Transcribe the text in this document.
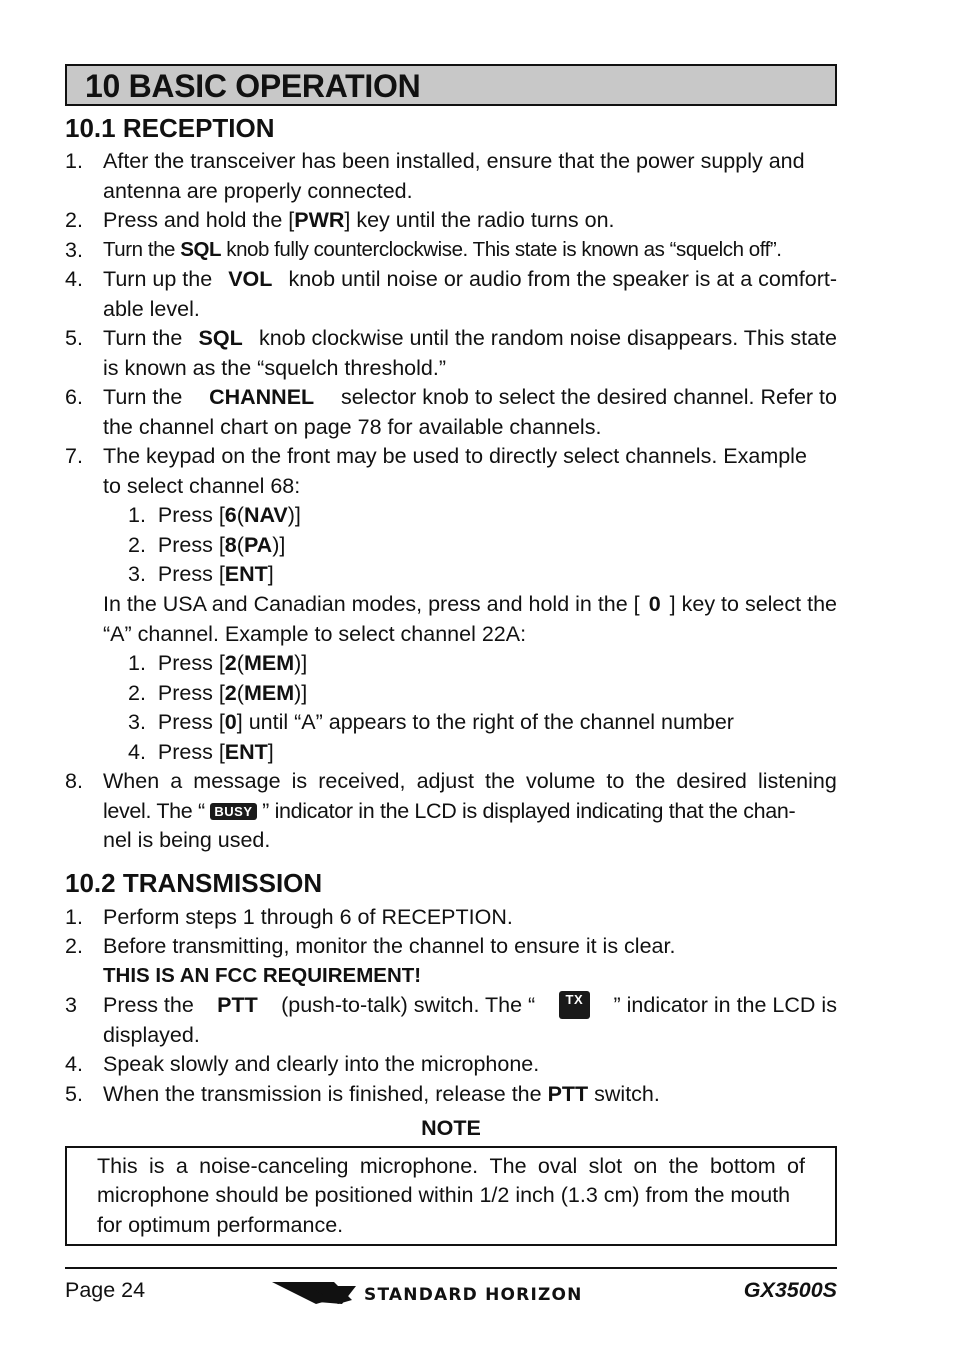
10 BASIC OPERATION
10.1 RECEPTION
1. After the transceiver has been installed, ensure that the power supply and
antenna are properly connected.
2. Press and hold the [PWR] key until the radio turns on.
3. Turn the SQL knob fully counterclockwise. This state is known as “squelch off”.
4. Turn up the VOL knob until noise or audio from the speaker is at a comfort-
able level.
5. Turn the SQL knob clockwise until the random noise disappears. This state
is known as the “squelch threshold.”
6. Turn the CHANNEL selector knob to select the desired channel. Refer to
the channel chart on page 78 for available channels.
7. The keypad on the front may be used to directly select channels. Example
to select channel 68:
1. Press [6(NAV)]
2. Press [8(PA)]
3. Press [ENT]
In the USA and Canadian modes, press and hold in the [ 0 ] key to select the
“A” channel. Example to select channel 22A:
1. Press [2(MEM)]
2. Press [2(MEM)]
3. Press [0] until “A” appears to the right of the channel number
4. Press [ENT]
8. When a message is received, adjust the volume to the desired listening
level. The “ BUSY ” indicator in the LCD is displayed indicating that the chan-
nel is being used.
10.2 TRANSMISSION
1. Perform steps 1 through 6 of RECEPTION.
2. Before transmitting, monitor the channel to ensure it is clear.
THIS IS AN FCC REQUIREMENT!
3 Press the PTT (push-to-talk) switch. The “	TX	” indicator in the LCD is
displayed.
4. Speak slowly and clearly into the microphone.
5. When the transmission is finished, release the PTT switch.
NOTE
This is a noise-canceling microphone. The oval slot on the bottom of
microphone should be positioned within 1/2 inch (1.3 cm) from the mouth
for optimum performance.
Page 24	STANDARD HORIZON	GX3500S
